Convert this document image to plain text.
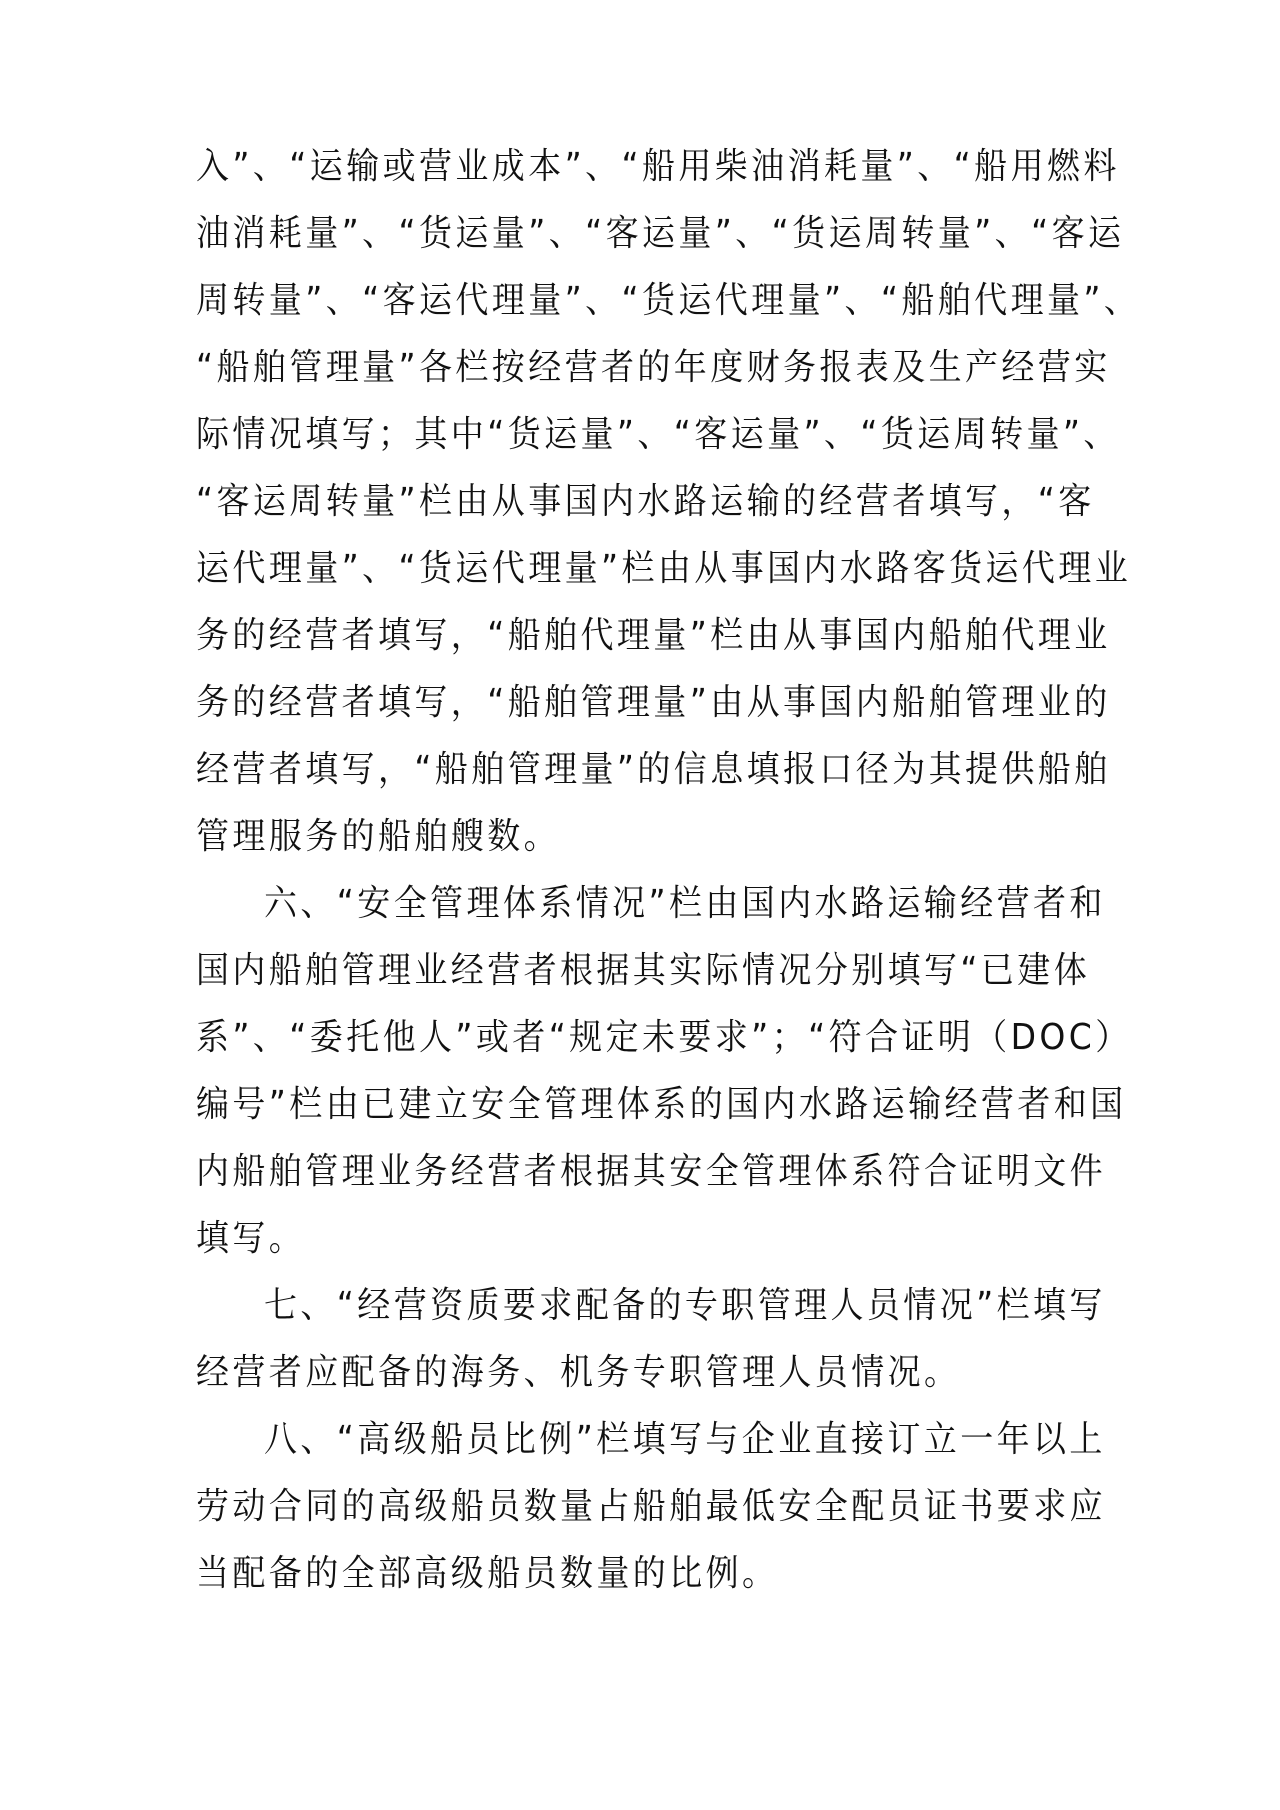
入”、“运输或营业成本”、“船用柴油消耗量”、“船用燃料
油消耗量”、“货运量”、“客运量”、“货运周转量”、“客运
周转量”、“客运代理量”、“货运代理量”、“船舶代理量”、
“船舶管理量”各栏按经营者的年度财务报表及生产经营实
际情况填写；其中“货运量”、“客运量”、“货运周转量”、
“客运周转量”栏由从事国内水路运输的经营者填写，“客
运代理量”、“货运代理量”栏由从事国内水路客货运代理业
务的经营者填写，“船舶代理量”栏由从事国内船舶代理业
务的经营者填写，“船舶管理量”由从事国内船舶管理业的
经营者填写，“船舶管理量”的信息填报口径为其提供船舶
管理服务的船舶艘数。
六、“安全管理体系情况”栏由国内水路运输经营者和
国内船舶管理业经营者根据其实际情况分别填写“已建体
系”、“委托他人”或者“规定未要求”；“符合证明（DOC）
编号”栏由已建立安全管理体系的国内水路运输经营者和国
内船舶管理业务经营者根据其安全管理体系符合证明文件
填写。
七、“经营资质要求配备的专职管理人员情况”栏填写
经营者应配备的海务、机务专职管理人员情况。
八、“高级船员比例”栏填写与企业直接订立一年以上
劳动合同的高级船员数量占船舶最低安全配员证书要求应
当配备的全部高级船员数量的比例。
